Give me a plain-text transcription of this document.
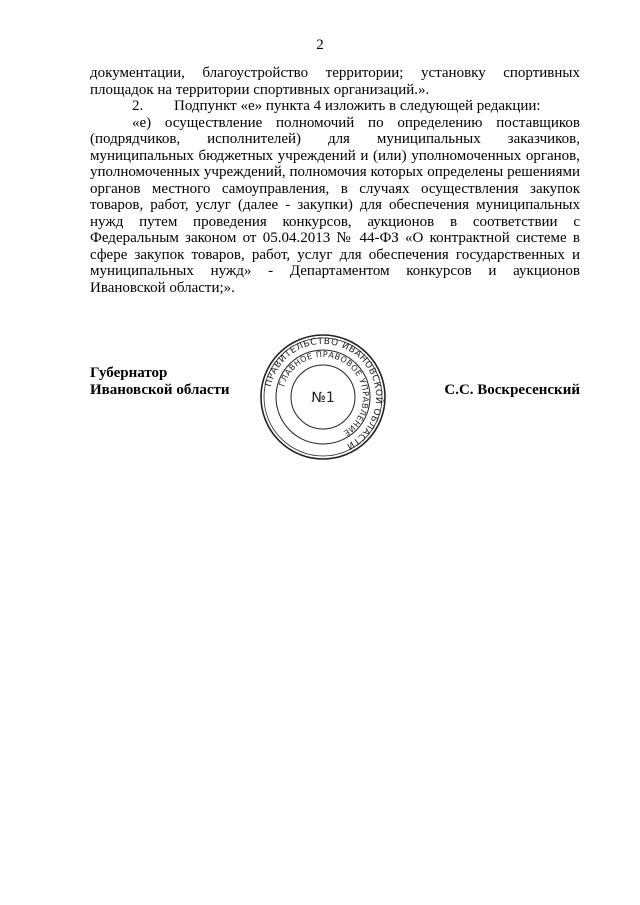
2

документации, благоустройство территории; установку спортивных площадок на территории спортивных организаций.».

2. Подпункт «е» пункта 4 изложить в следующей редакции:

«е) осуществление полномочий по определению поставщиков (подрядчиков, исполнителей) для муниципальных заказчиков, муниципальных бюджетных учреждений и (или) уполномоченных органов, уполномоченных учреждений, полномочия которых определены решениями органов местного самоуправления, в случаях осуществления закупок товаров, работ, услуг (далее - закупки) для обеспечения муниципальных нужд путем проведения конкурсов, аукционов в соответствии с Федеральным законом от 05.04.2013 № 44-ФЗ «О контрактной системе в сфере закупок товаров, работ, услуг для обеспечения государственных и муниципальных нужд» - Департаментом конкурсов и аукционов Ивановской области;».

Губернатор
Ивановской области	ПРАВИТЕЛЬСТВО ИВАНОВСКОЙ ОБЛАСТИ
ГЛАВНОЕ ПРАВОВОЕ УПРАВЛЕНИЕ
№1	С.С. Воскресенский
